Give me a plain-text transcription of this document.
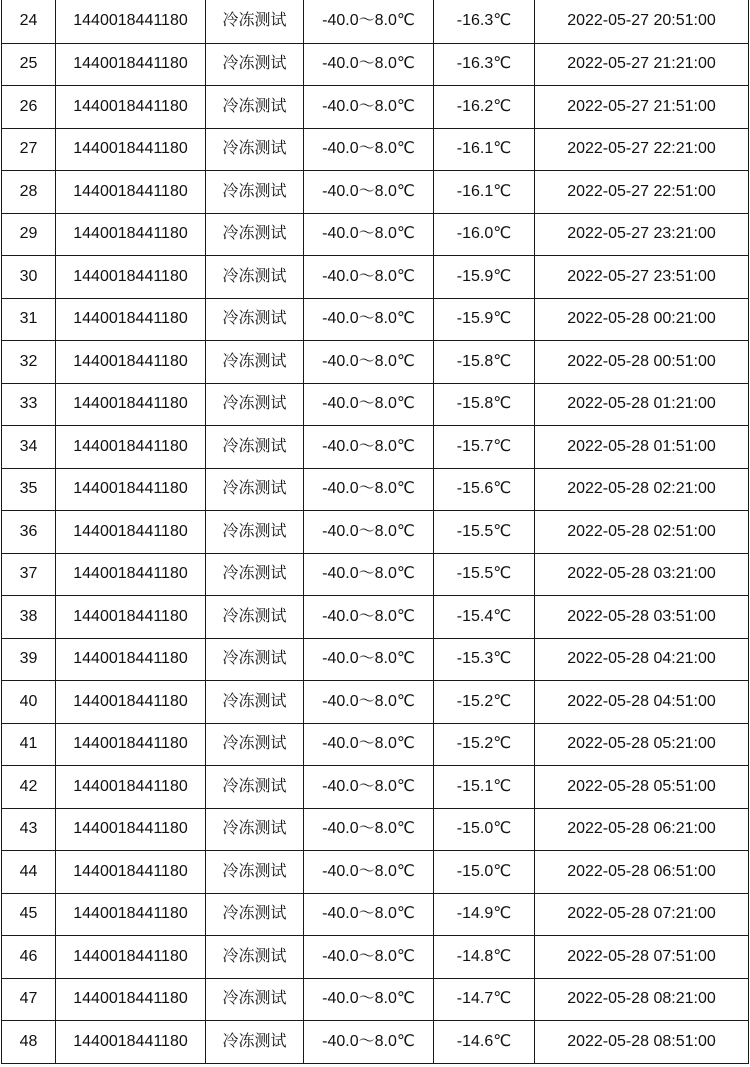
24	1440018441180	冷冻测试	-40.0～8.0℃	-16.3℃	2022-05-27 20:51:00
25	1440018441180	冷冻测试	-40.0～8.0℃	-16.3℃	2022-05-27 21:21:00
26	1440018441180	冷冻测试	-40.0～8.0℃	-16.2℃	2022-05-27 21:51:00
27	1440018441180	冷冻测试	-40.0～8.0℃	-16.1℃	2022-05-27 22:21:00
28	1440018441180	冷冻测试	-40.0～8.0℃	-16.1℃	2022-05-27 22:51:00
29	1440018441180	冷冻测试	-40.0～8.0℃	-16.0℃	2022-05-27 23:21:00
30	1440018441180	冷冻测试	-40.0～8.0℃	-15.9℃	2022-05-27 23:51:00
31	1440018441180	冷冻测试	-40.0～8.0℃	-15.9℃	2022-05-28 00:21:00
32	1440018441180	冷冻测试	-40.0～8.0℃	-15.8℃	2022-05-28 00:51:00
33	1440018441180	冷冻测试	-40.0～8.0℃	-15.8℃	2022-05-28 01:21:00
34	1440018441180	冷冻测试	-40.0～8.0℃	-15.7℃	2022-05-28 01:51:00
35	1440018441180	冷冻测试	-40.0～8.0℃	-15.6℃	2022-05-28 02:21:00
36	1440018441180	冷冻测试	-40.0～8.0℃	-15.5℃	2022-05-28 02:51:00
37	1440018441180	冷冻测试	-40.0～8.0℃	-15.5℃	2022-05-28 03:21:00
38	1440018441180	冷冻测试	-40.0～8.0℃	-15.4℃	2022-05-28 03:51:00
39	1440018441180	冷冻测试	-40.0～8.0℃	-15.3℃	2022-05-28 04:21:00
40	1440018441180	冷冻测试	-40.0～8.0℃	-15.2℃	2022-05-28 04:51:00
41	1440018441180	冷冻测试	-40.0～8.0℃	-15.2℃	2022-05-28 05:21:00
42	1440018441180	冷冻测试	-40.0～8.0℃	-15.1℃	2022-05-28 05:51:00
43	1440018441180	冷冻测试	-40.0～8.0℃	-15.0℃	2022-05-28 06:21:00
44	1440018441180	冷冻测试	-40.0～8.0℃	-15.0℃	2022-05-28 06:51:00
45	1440018441180	冷冻测试	-40.0～8.0℃	-14.9℃	2022-05-28 07:21:00
46	1440018441180	冷冻测试	-40.0～8.0℃	-14.8℃	2022-05-28 07:51:00
47	1440018441180	冷冻测试	-40.0～8.0℃	-14.7℃	2022-05-28 08:21:00
48	1440018441180	冷冻测试	-40.0～8.0℃	-14.6℃	2022-05-28 08:51:00
